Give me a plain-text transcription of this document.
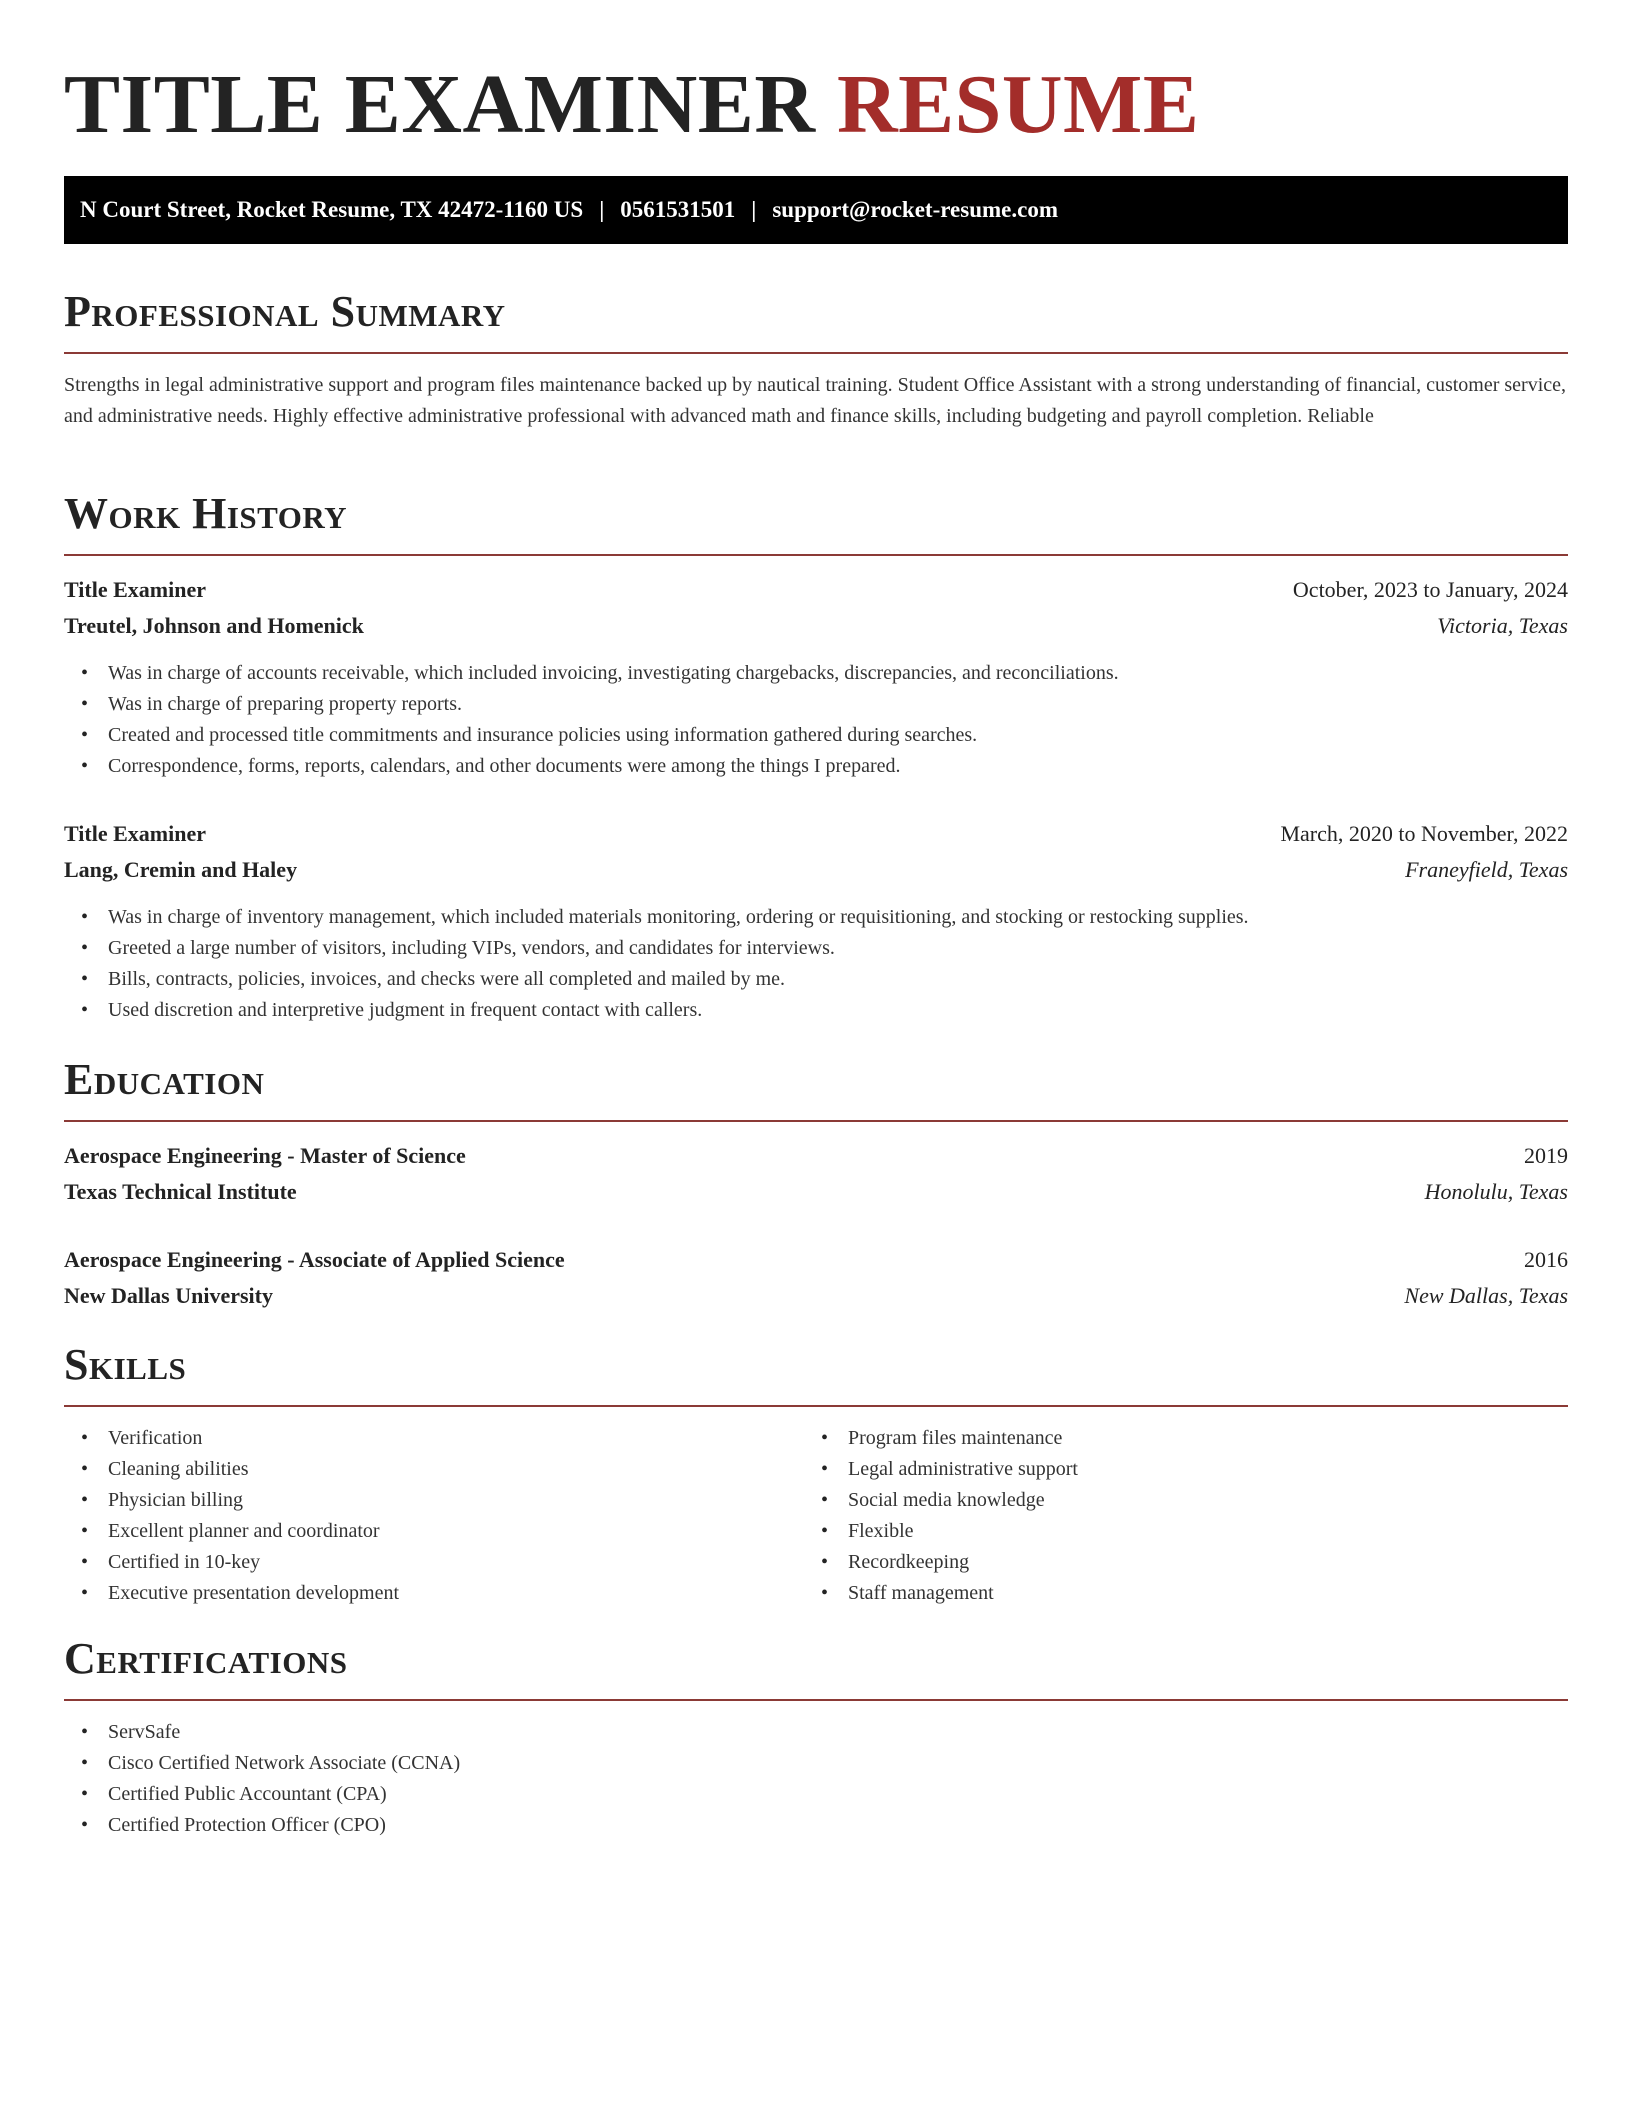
TITLE EXAMINER RESUME
N Court Street, Rocket Resume, TX 42472-1160 US | 0561531501 | support@rocket-resume.com
Professional Summary

Strengths in legal administrative support and program files maintenance backed up by nautical training. Student Office Assistant with a strong understanding of financial, customer service, and administrative needs. Highly effective administrative professional with advanced math and finance skills, including budgeting and payroll completion. Reliable

Work History
Title Examiner	October, 2023 to January, 2024
Treutel, Johnson and Homenick	Victoria, Texas
• Was in charge of accounts receivable, which included invoicing, investigating chargebacks, discrepancies, and reconciliations.
• Was in charge of preparing property reports.
• Created and processed title commitments and insurance policies using information gathered during searches.
• Correspondence, forms, reports, calendars, and other documents were among the things I prepared.
Title Examiner	March, 2020 to November, 2022
Lang, Cremin and Haley	Franeyfield, Texas
• Was in charge of inventory management, which included materials monitoring, ordering or requisitioning, and stocking or restocking supplies.
• Greeted a large number of visitors, including VIPs, vendors, and candidates for interviews.
• Bills, contracts, policies, invoices, and checks were all completed and mailed by me.
• Used discretion and interpretive judgment in frequent contact with callers.
Education
Aerospace Engineering - Master of Science	2019
Texas Technical Institute	Honolulu, Texas
Aerospace Engineering - Associate of Applied Science	2016
New Dallas University	New Dallas, Texas
Skills
• Verification
• Cleaning abilities
• Physician billing
• Excellent planner and coordinator
• Certified in 10-key
• Executive presentation development
• Program files maintenance
• Legal administrative support
• Social media knowledge
• Flexible
• Recordkeeping
• Staff management
Certifications
• ServSafe
• Cisco Certified Network Associate (CCNA)
• Certified Public Accountant (CPA)
• Certified Protection Officer (CPO)
